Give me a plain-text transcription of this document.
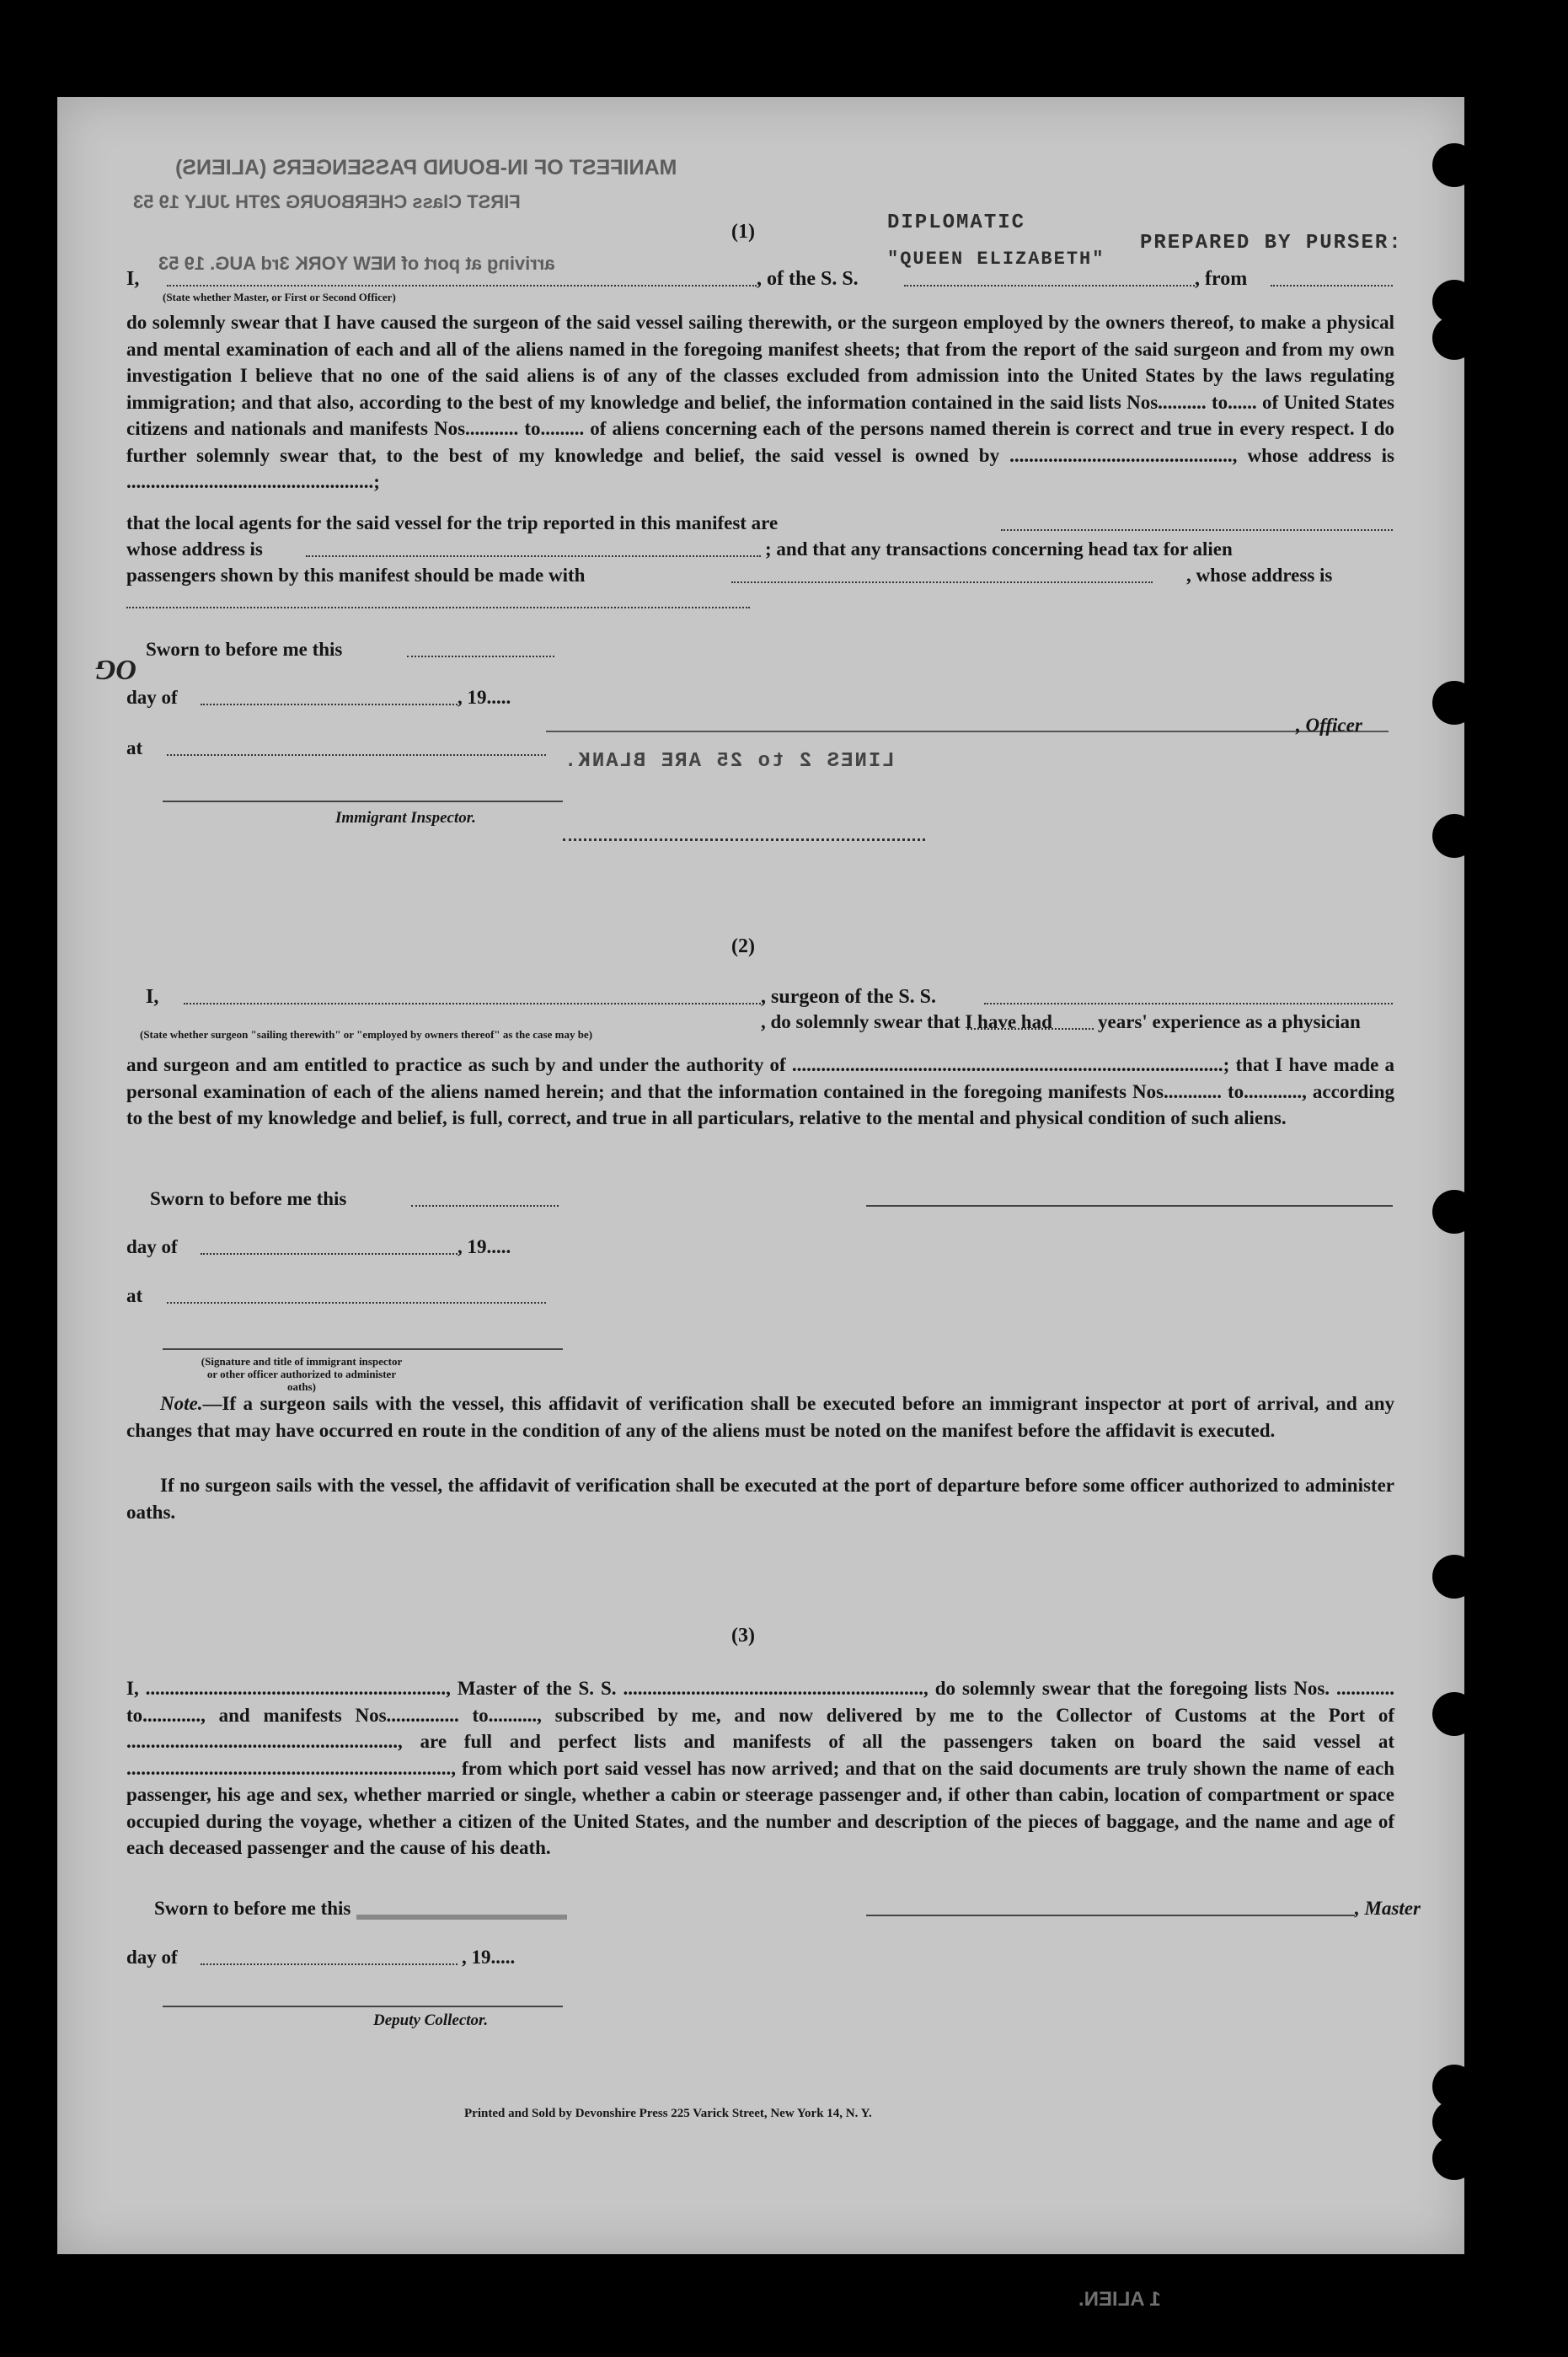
MANIFEST OF IN-BOUND PASSENGERS (ALIENS)
FIRST Class CHERBOURG 29TH JULY 19 53
arriving at port of NEW YORK 3rd AUG. 19 53
PREPARED BY PURSER:
DIPLOMATIC
"QUEEN ELIZABETH"
(1)
I,	, of the S. S.	, from
(State whether Master, or First or Second Officer)
do solemnly swear that I have caused the surgeon of the said vessel sailing therewith, or the surgeon employed by the owners thereof, to make a physical and mental examination of each and all of the aliens named in the foregoing manifest sheets; that from the report of the said surgeon and from my own investigation I believe that no one of the said aliens is of any of the classes excluded from admission into the United States by the laws regulating immigration; and that also, according to the best of my knowledge and belief, the information contained in the said lists Nos.......... to...... of United States citizens and nationals and manifests Nos........... to......... of aliens concerning each of the persons named therein is correct and true in every respect. I do further solemnly swear that, to the best of my knowledge and belief, the said vessel is owned by .............................................., whose address is ...................................................;
that the local agents for the said vessel for the trip reported in this manifest are
whose address is	; and that any transactions concerning head tax for alien
passengers shown by this manifest should be made with	, whose address is
OG
Sworn to before me this
day of	, 19.....
at
Immigrant Inspector.
, Officer
LINES 2 to 25 ARE BLANK.
(2)
I,	, surgeon of the S. S.
(State whether surgeon "sailing therewith" or "employed by owners thereof" as the case may be)
, do solemnly swear that I have had years' experience as a physician
and surgeon and am entitled to practice as such by and under the authority of .........................................................................................; that I have made a personal examination of each of the aliens named herein; and that the information contained in the foregoing manifests Nos............ to............, according to the best of my knowledge and belief, is full, correct, and true in all particulars, relative to the mental and physical condition of such aliens.
Sworn to before me this
day of	, 19.....
at
(Signature and title of immigrant inspector or other officer authorized to administer oaths)
Note.—If a surgeon sails with the vessel, this affidavit of verification shall be executed before an immigrant inspector at port of arrival, and any changes that may have occurred en route in the condition of any of the aliens must be noted on the manifest before the affidavit is executed.
If no surgeon sails with the vessel, the affidavit of verification shall be executed at the port of departure before some officer authorized to administer oaths.
(3)
I, .............................................................., Master of the S. S. .............................................................., do solemnly swear that the foregoing lists Nos. ............ to............, and manifests Nos............... to.........., subscribed by me, and now delivered by me to the Collector of Customs at the Port of ........................................................, are full and perfect lists and manifests of all the passengers taken on board the said vessel at ..................................................................., from which port said vessel has now arrived; and that on the said documents are truly shown the name of each passenger, his age and sex, whether married or single, whether a cabin or steerage passenger and, if other than cabin, location of compartment or space occupied during the voyage, whether a citizen of the United States, and the number and description of the pieces of baggage, and the name and age of each deceased passenger and the cause of his death.
Sworn to before me this	, Master
day of	, 19.....
Deputy Collector.
Printed and Sold by Devonshire Press 225 Varick Street, New York 14, N. Y.
1 ALIEN.
